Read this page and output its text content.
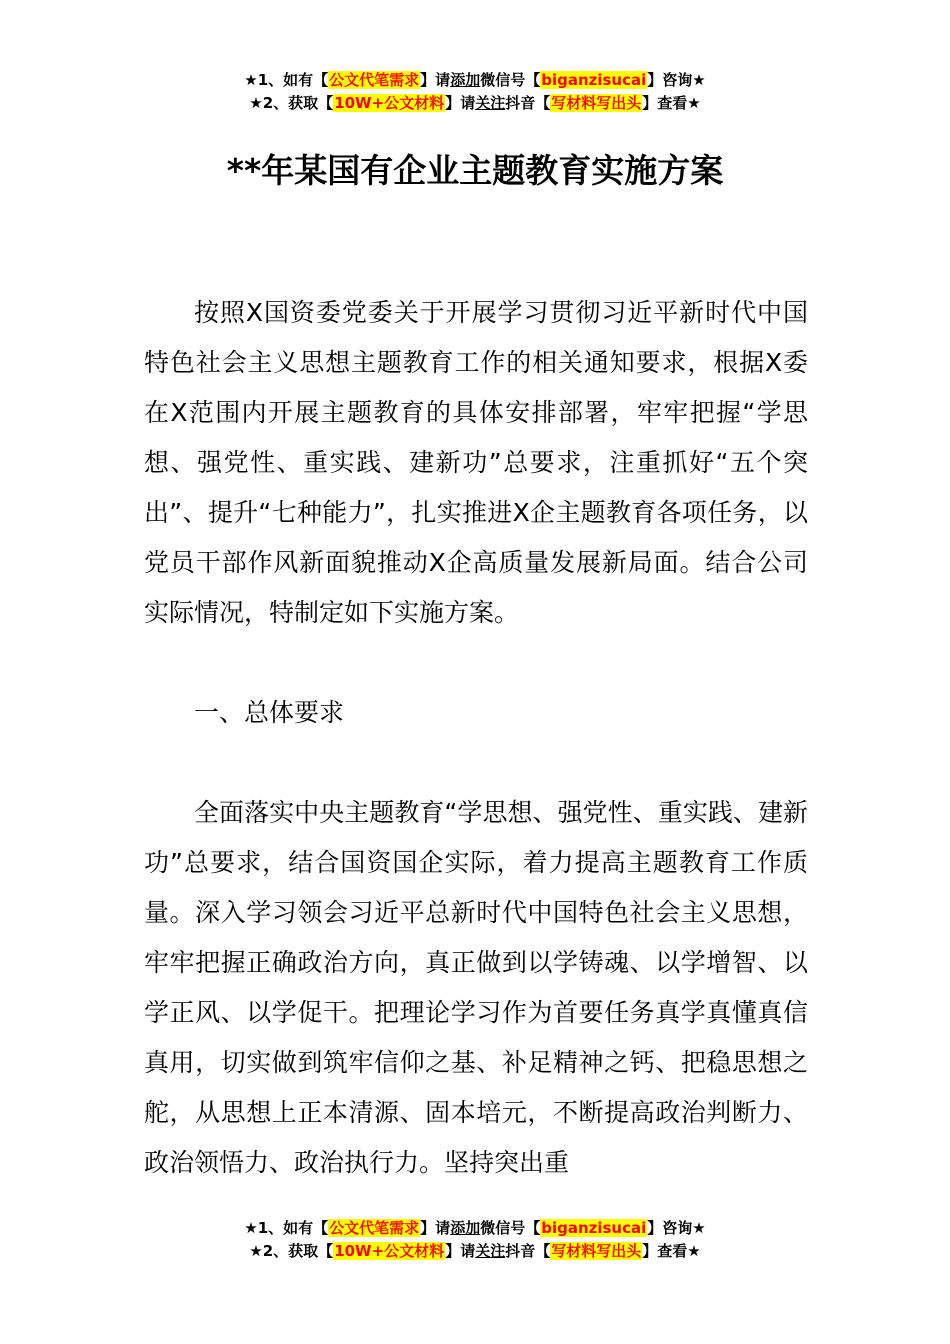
★1、如有【公文代笔需求】请添加微信号【biganzisucai】咨询★
★2、获取【10W+公文材料】请关注抖音【写材料写出头】查看★
**年某国有企业主题教育实施方案

按照X国资委党委关于开展学习贯彻习近平新时代中国特色社会主义思想主题教育工作的相关通知要求，根据X委在X范围内开展主题教育的具体安排部署，牢牢把握“学思想、强党性、重实践、建新功”总要求，注重抓好“五个突出”、提升“七种能力”，扎实推进X企主题教育各项任务，以党员干部作风新面貌推动X企高质量发展新局面。结合公司实际情况，特制定如下实施方案。

一、总体要求

全面落实中央主题教育“学思想、强党性、重实践、建新功”总要求，结合国资国企实际，着力提高主题教育工作质量。深入学习领会习近平总新时代中国特色社会主义思想，牢牢把握正确政治方向，真正做到以学铸魂、以学增智、以学正风、以学促干。把理论学习作为首要任务真学真懂真信真用，切实做到筑牢信仰之基、补足精神之钙、把稳思想之舵，从思想上正本清源、固本培元，不断提高政治判断力、政治领悟力、政治执行力。坚持突出重

★1、如有【公文代笔需求】请添加微信号【biganzisucai】咨询★
★2、获取【10W+公文材料】请关注抖音【写材料写出头】查看★
